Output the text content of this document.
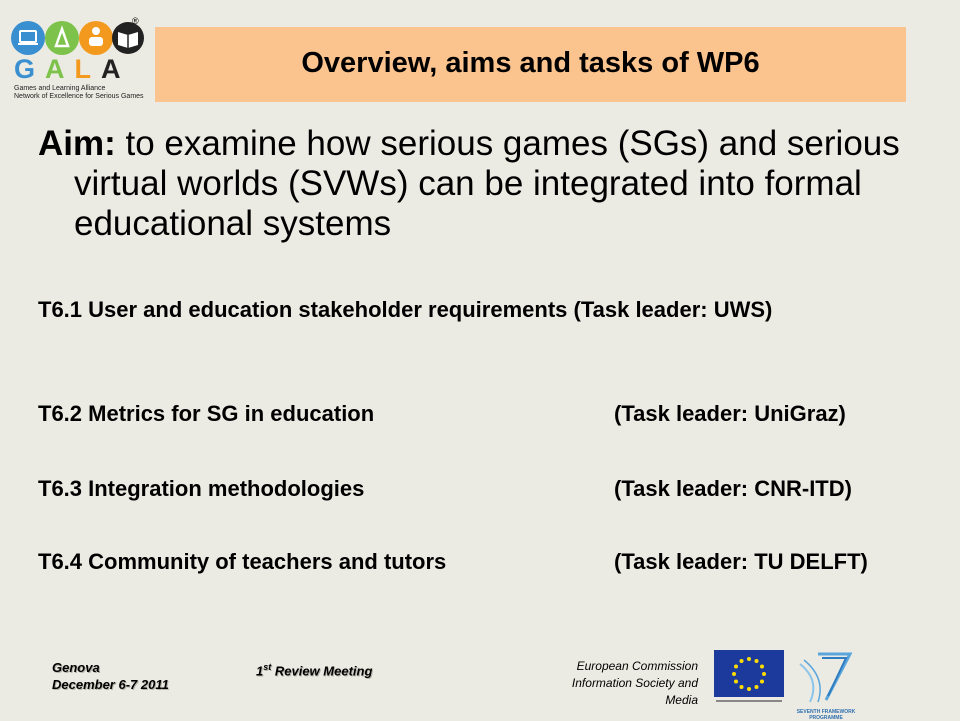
GALA
Games and Learning Alliance
Network of Excellence for Serious Games
®
Overview, aims and tasks of WP6
Aim: to examine how serious games (SGs) and serious virtual worlds (SVWs) can be integrated into formal educational systems
T6.1 User and education stakeholder requirements (Task leader: UWS)
T6.2 Metrics for SG in education	(Task leader: UniGraz)
T6.3 Integration methodologies	(Task leader: CNR-ITD)
T6.4 Community of teachers and tutors	(Task leader: TU DELFT)
Genova
December 6-7 2011
1st Review Meeting	European Commission
Information Society and
Media
SEVENTH FRAMEWORK PROGRAMME
